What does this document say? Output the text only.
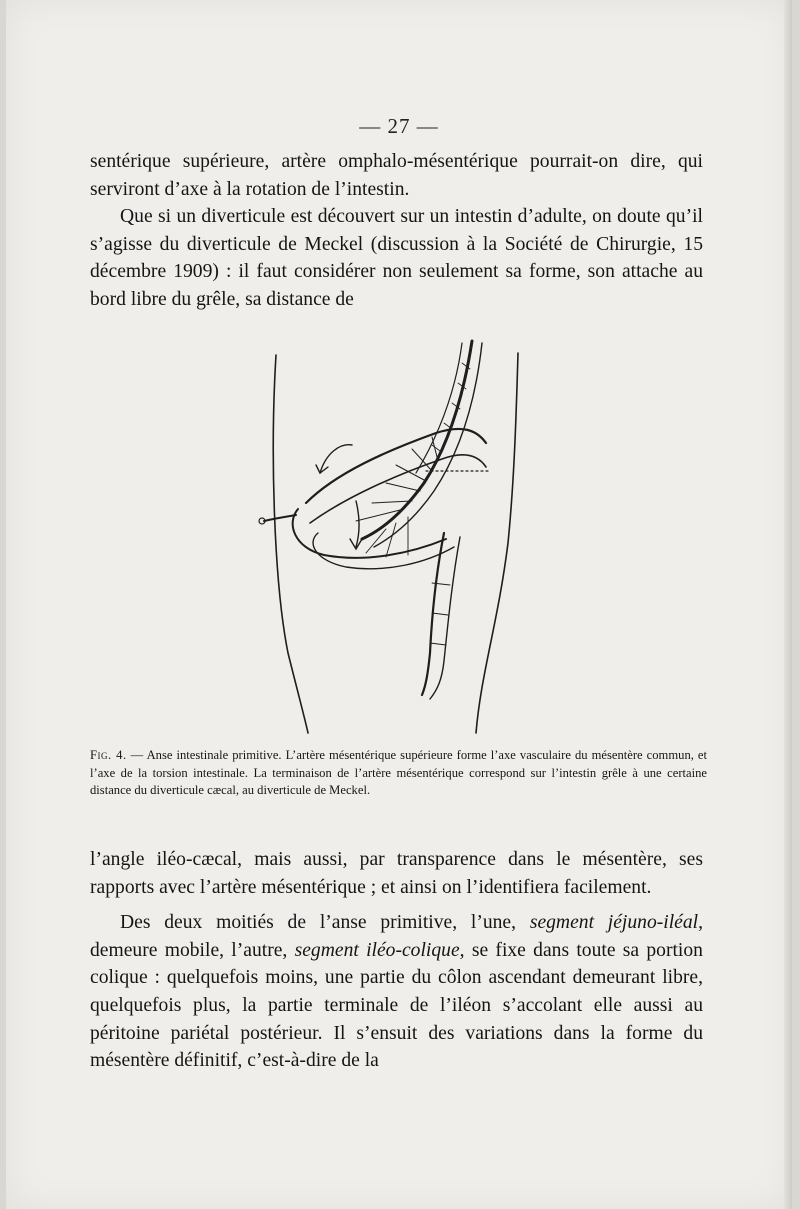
— 27 —

sentérique supérieure, artère omphalo-mésentérique pourrait-on dire, qui serviront d’axe à la rotation de l’intestin.

Que si un diverticule est découvert sur un intestin d’adulte, on doute qu’il s’agisse du diverticule de Meckel (discussion à la Société de Chirurgie, 15 décembre 1909) : il faut considérer non seulement sa forme, son attache au bord libre du grêle, sa distance de

Fig. 4. — Anse intestinale primitive. L’artère mésentérique supérieure forme l’axe vasculaire du mésentère commun, et l’axe de la torsion intestinale. La terminaison de l’artère mésentérique correspond sur l’intestin grêle à une certaine distance du diverticule cæcal, au diverticule de Meckel.

l’angle iléo-cæcal, mais aussi, par transparence dans le mésentère, ses rapports avec l’artère mésentérique ; et ainsi on l’identifiera facilement.

Des deux moitiés de l’anse primitive, l’une, segment jéjuno-iléal, demeure mobile, l’autre, segment iléo-colique, se fixe dans toute sa portion colique : quelquefois moins, une partie du côlon ascendant demeurant libre, quelquefois plus, la partie terminale de l’iléon s’accolant elle aussi au péritoine pariétal postérieur. Il s’ensuit des variations dans la forme du mésentère définitif, c’est-à-dire de la
